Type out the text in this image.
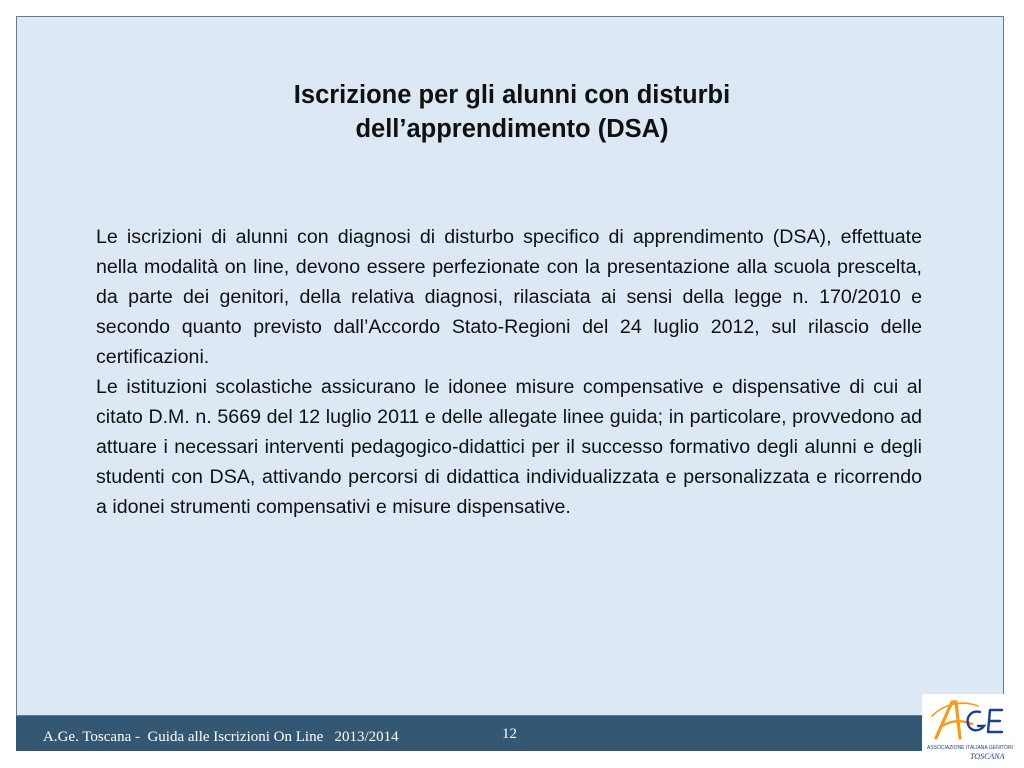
Iscrizione per gli alunni con disturbi
dell’apprendimento (DSA)

Le iscrizioni di alunni con diagnosi di disturbo specifico di apprendimento (DSA), effettuate nella modalità on line, devono essere perfezionate con la presentazione alla scuola prescelta, da parte dei genitori, della relativa diagnosi, rilasciata ai sensi della legge n. 170/2010 e secondo quanto previsto dall’Accordo Stato-Regioni del 24 luglio 2012, sul rilascio delle certificazioni.

Le istituzioni scolastiche assicurano le idonee misure compensative e dispensative di cui al citato D.M. n. 5669 del 12 luglio 2011 e delle allegate linee guida; in particolare, provvedono ad attuare i necessari interventi pedagogico-didattici per il successo formativo degli alunni e degli studenti con DSA, attivando percorsi di didattica individualizzata e personalizzata e ricorrendo a idonei strumenti compensativi e misure dispensative.

A.Ge. Toscana -  Guida alle Iscrizioni On Line   2013/2014	12
ASSOCIAZIONE ITALIANA GENITORI
TOSCANA
